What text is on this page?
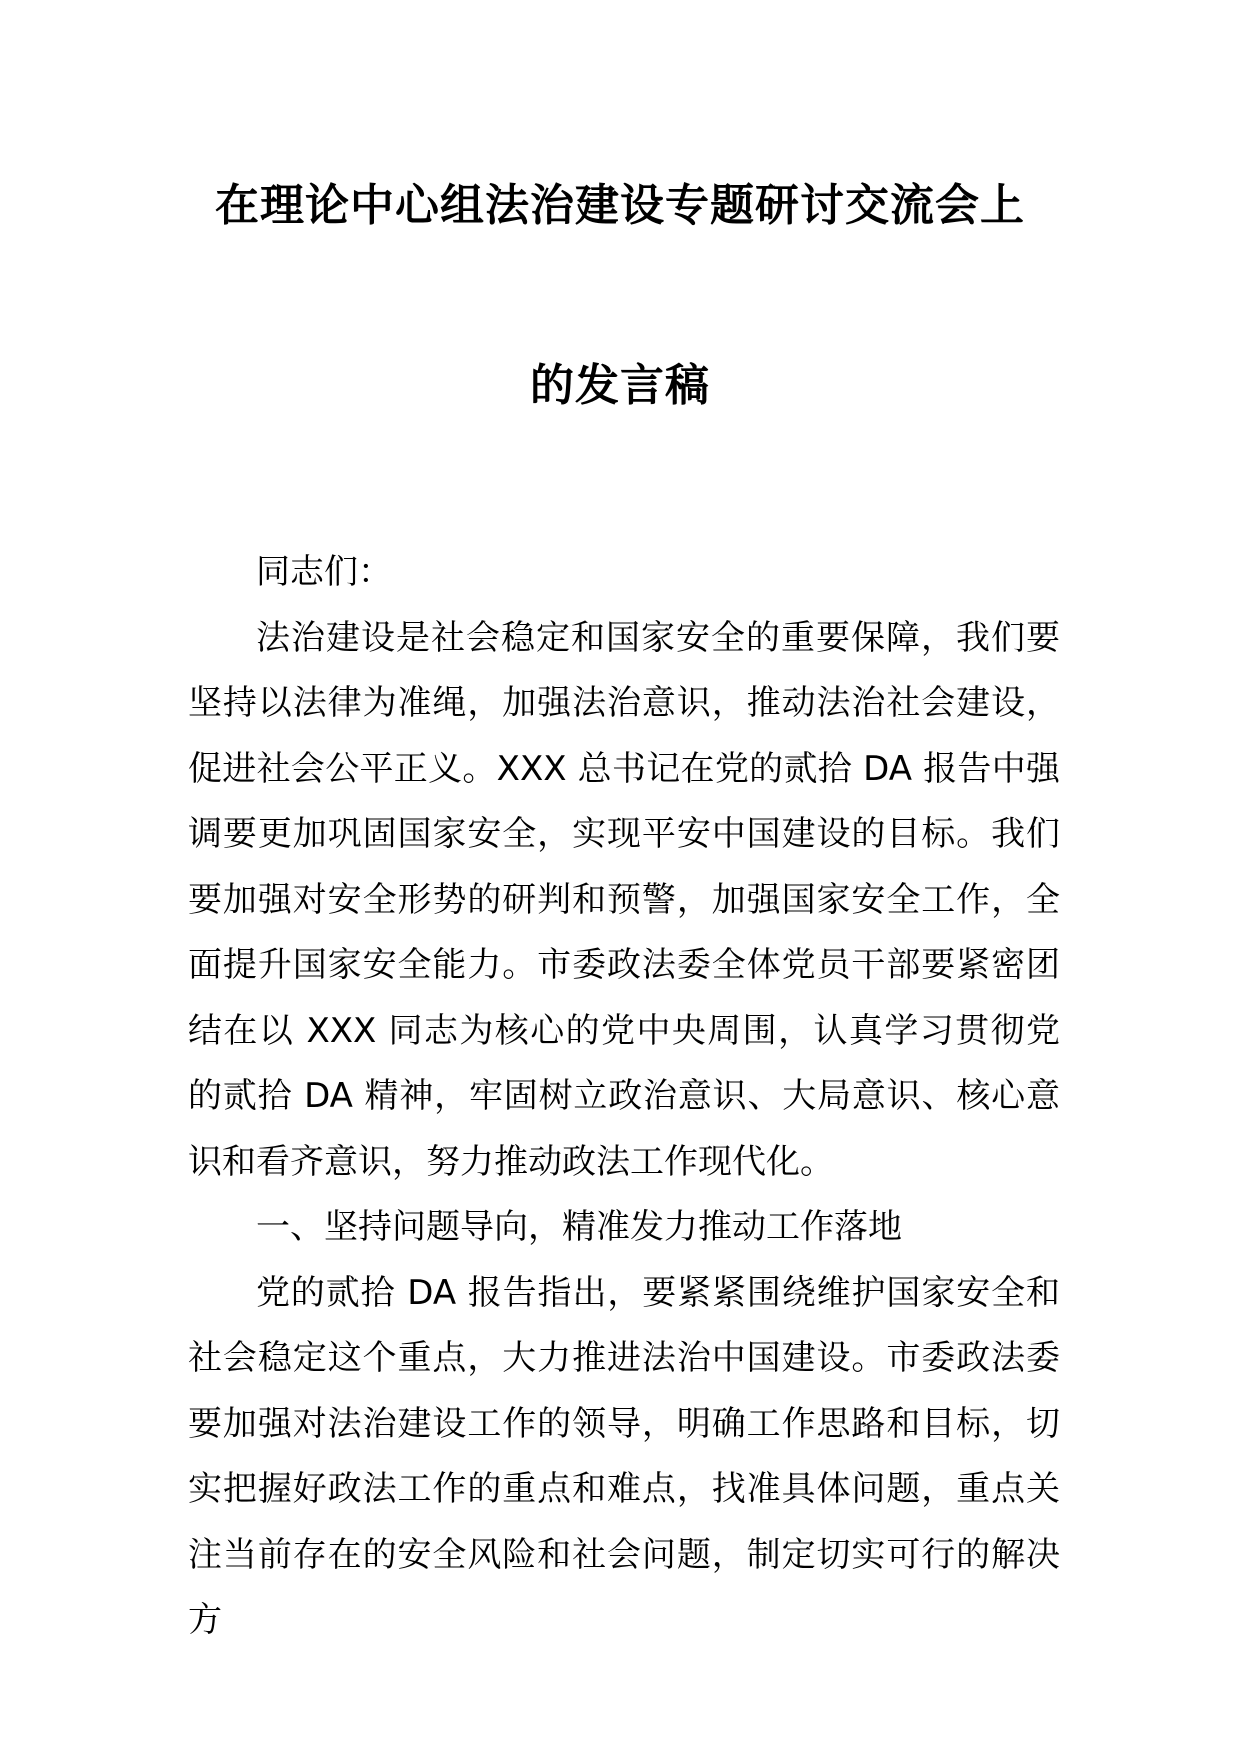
在理论中心组法治建设专题研讨交流会上
的发言稿

同志们：

法治建设是社会稳定和国家安全的重要保障，我们要坚持以法律为准绳，加强法治意识，推动法治社会建设，促进社会公平正义。XXX 总书记在党的贰拾 DA 报告中强调要更加巩固国家安全，实现平安中国建设的目标。我们要加强对安全形势的研判和预警，加强国家安全工作，全面提升国家安全能力。市委政法委全体党员干部要紧密团结在以 XXX 同志为核心的党中央周围，认真学习贯彻党的贰拾 DA 精神，牢固树立政治意识、大局意识、核心意识和看齐意识，努力推动政法工作现代化。

一、坚持问题导向，精准发力推动工作落地

党的贰拾 DA 报告指出，要紧紧围绕维护国家安全和社会稳定这个重点，大力推进法治中国建设。市委政法委要加强对法治建设工作的领导，明确工作思路和目标，切实把握好政法工作的重点和难点，找准具体问题，重点关注当前存在的安全风险和社会问题，制定切实可行的解决方
